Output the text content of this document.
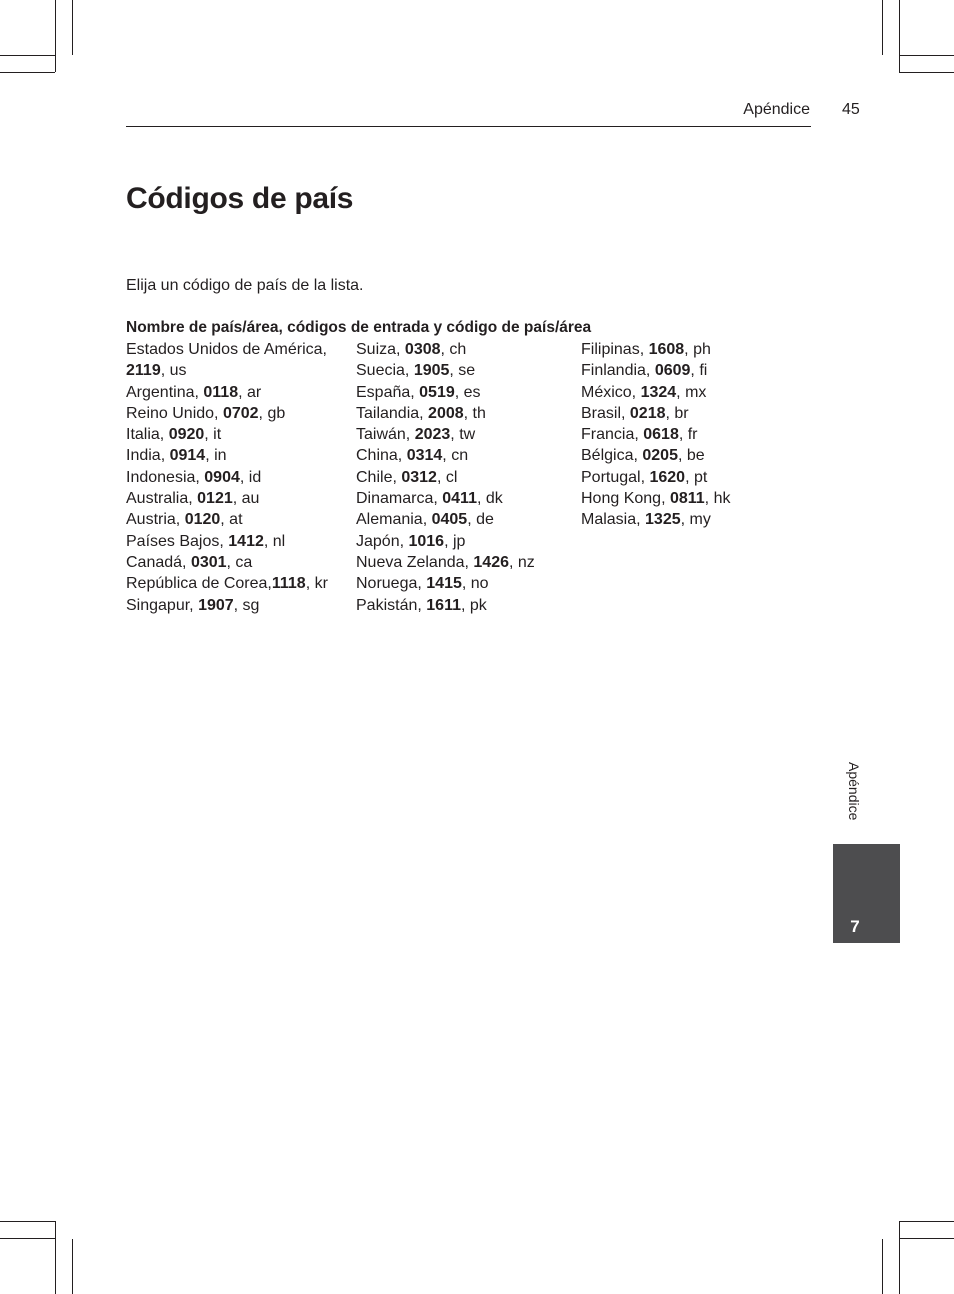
Apéndice 45
Códigos de país
Elija un código de país de la lista.
Nombre de país/área, códigos de entrada y código de país/área
Estados Unidos de América,
2119, us
Argentina, 0118, ar
Reino Unido, 0702, gb
Italia, 0920, it
India, 0914, in
Indonesia, 0904, id
Australia, 0121, au
Austria, 0120, at
Países Bajos, 1412, nl
Canadá, 0301, ca
República de Corea,1118, kr
Singapur, 1907, sg
Suiza, 0308, ch
Suecia, 1905, se
España, 0519, es
Tailandia, 2008, th
Taiwán, 2023, tw
China, 0314, cn
Chile, 0312, cl
Dinamarca, 0411, dk
Alemania, 0405, de
Japón, 1016, jp
Nueva Zelanda, 1426, nz
Noruega, 1415, no
Pakistán, 1611, pk
Filipinas, 1608, ph
Finlandia, 0609, fi
México, 1324, mx
Brasil, 0218, br
Francia, 0618, fr
Bélgica, 0205, be
Portugal, 1620, pt
Hong Kong, 0811, hk
Malasia, 1325, my
Apéndice
7
